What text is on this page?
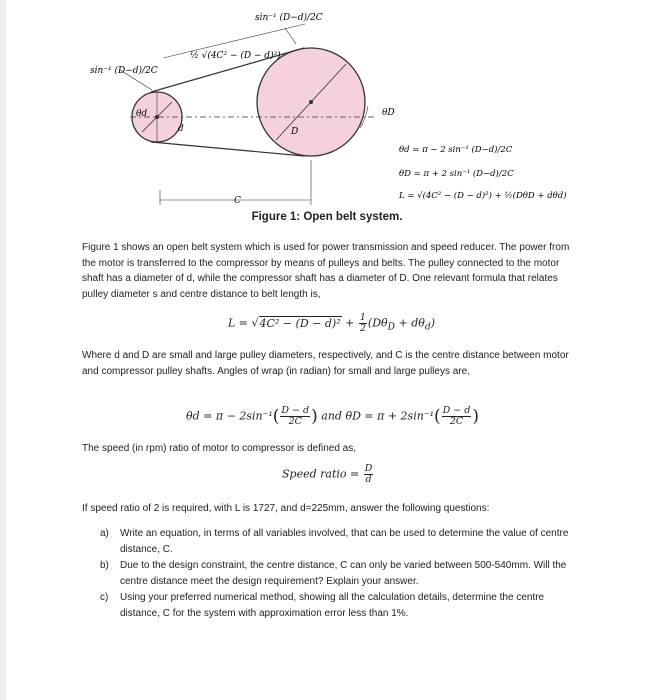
sin⁻¹ (D−d)/2C
½ √(4C² − (D − d)²)
sin⁻¹ (D−d)/2C
θd
d	D
θD
C
θd = π − 2 sin⁻¹ (D−d)/2C
θD = π + 2 sin⁻¹ (D−d)/2C
L = √(4C² − (D − d)²) + ½(DθD + dθd)
Figure 1: Open belt system.

Figure 1 shows an open belt system which is used for power transmission and speed reducer. The power from the motor is transferred to the compressor by means of pulleys and belts. The pulley connected to the motor shaft has a diameter of d, while the compressor shaft has a diameter of D. One relevant formula that relates pulley diameter s and centre distance to belt length is,

$L = √4C^2 - (D - d)^2 + \frac{1}{2} (D\theta_D + d\theta_d)$

Where d and D are small and large pulley diameters, respectively, and C is the centre distance between motor and compressor pulley shafts. Angles of wrap (in radian) for small and large pulleys are,

$\theta d = \pi - 2\sin^{-1}( \frac{D - d}{2C}$ ) and $\theta D = \pi + 2\sin^{-1}( \frac{D - d}{2C}$ )

The speed (in rpm) ratio of motor to compressor is defined as,

Speed ratio = $\frac{D}{d}$

If speed ratio of 2 is required, with L is 1727, and d=225mm, answer the following questions:

a) Write an equation, in terms of all variables involved, that can be used to determine the value of centre distance, C.
b) Due to the design constraint, the centre distance, C can only be varied between 500-540mm. Will the centre distance meet the design requirement? Explain your answer.
c) Using your preferred numerical method, showing all the calculation details, determine the centre distance, C for the system with approximation error less than 1%.
